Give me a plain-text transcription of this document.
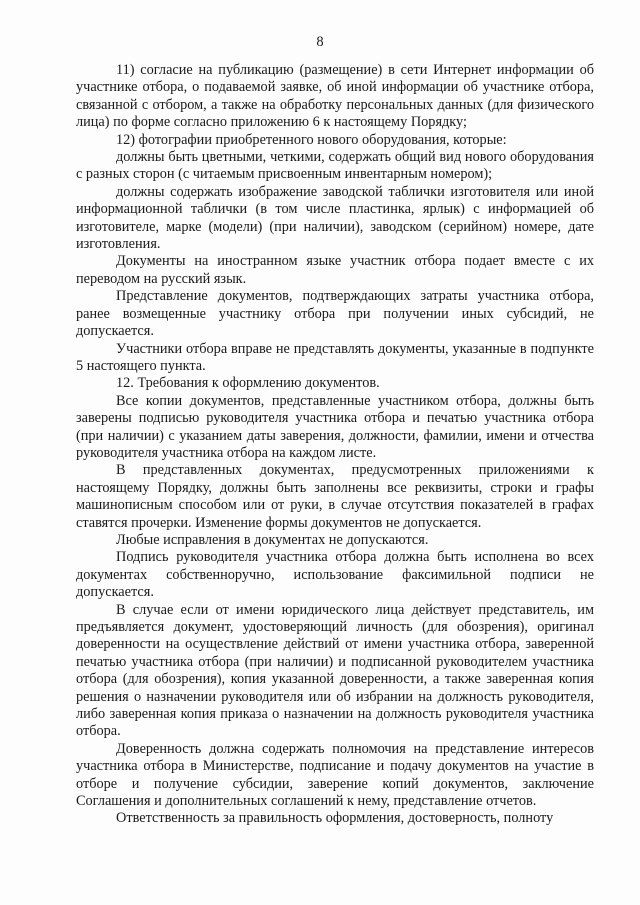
8

11) согласие на публикацию (размещение) в сети Интернет информации об участнике отбора, о подаваемой заявке, об иной информации об участнике отбора, связанной с отбором, а также на обработку персональных данных (для физического лица) по форме согласно приложению 6 к настоящему Порядку;

12) фотографии приобретенного нового оборудования, которые:

должны быть цветными, четкими, содержать общий вид нового оборудования с разных сторон (с читаемым присвоенным инвентарным номером);

должны содержать изображение заводской таблички изготовителя или иной информационной таблички (в том числе пластинка, ярлык) с информацией об изготовителе, марке (модели) (при наличии), заводском (серийном) номере, дате изготовления.

Документы на иностранном языке участник отбора подает вместе с их переводом на русский язык.

Представление документов, подтверждающих затраты участника отбора, ранее возмещенные участнику отбора при получении иных субсидий, не допускается.

Участники отбора вправе не представлять документы, указанные в подпункте 5 настоящего пункта.

12. Требования к оформлению документов.

Все копии документов, представленные участником отбора, должны быть заверены подписью руководителя участника отбора и печатью участника отбора (при наличии) с указанием даты заверения, должности, фамилии, имени и отчества руководителя участника отбора на каждом листе.

В представленных документах, предусмотренных приложениями к настоящему Порядку, должны быть заполнены все реквизиты, строки и графы машинописным способом или от руки, в случае отсутствия показателей в графах ставятся прочерки. Изменение формы документов не допускается.

Любые исправления в документах не допускаются.

Подпись руководителя участника отбора должна быть исполнена во всех документах собственноручно, использование факсимильной подписи не допускается.

В случае если от имени юридического лица действует представитель, им предъявляется документ, удостоверяющий личность (для обозрения), оригинал доверенности на осуществление действий от имени участника отбора, заверенной печатью участника отбора (при наличии) и подписанной руководителем участника отбора (для обозрения), копия указанной доверенности, а также заверенная копия решения о назначении руководителя или об избрании на должность руководителя, либо заверенная копия приказа о назначении на должность руководителя участника отбора.

Доверенность должна содержать полномочия на представление интересов участника отбора в Министерстве, подписание и подачу документов на участие в отборе и получение субсидии, заверение копий документов, заключение Соглашения и дополнительных соглашений к нему, представление отчетов.

Ответственность за правильность оформления, достоверность, полноту
